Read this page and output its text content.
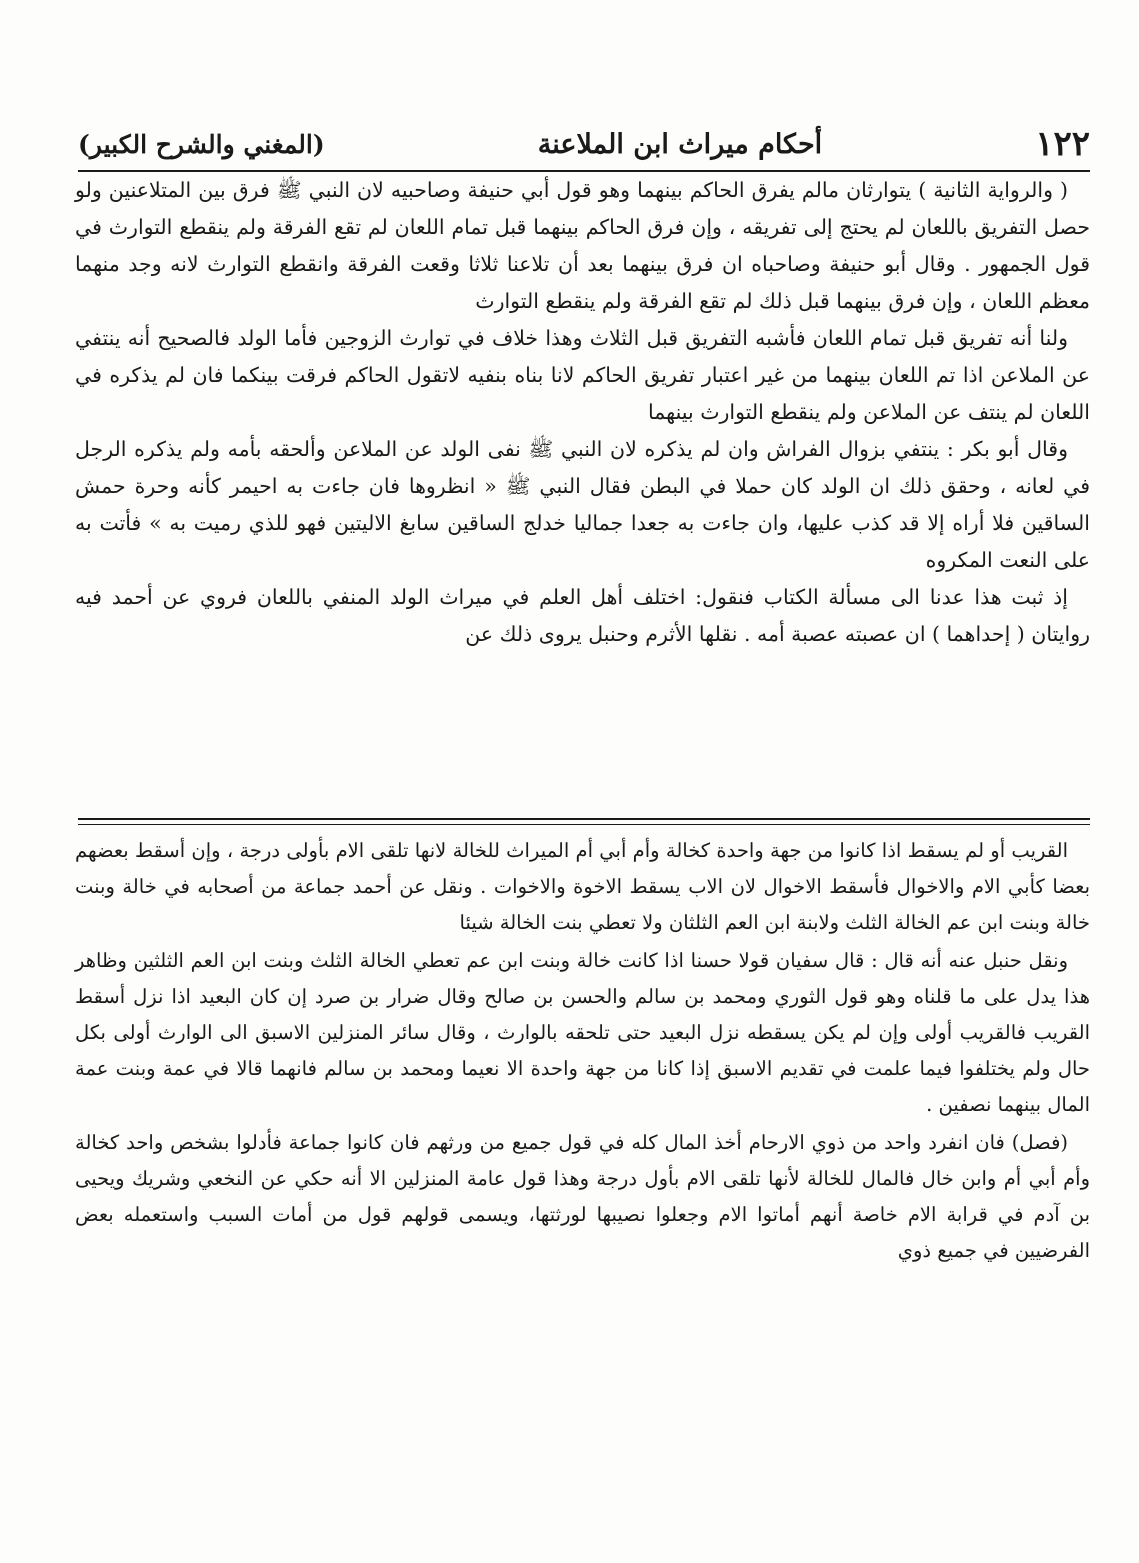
١٢٢
أحكام ميراث ابن الملاعنة
(المغني والشرح الكبير)

( والرواية الثانية ) يتوارثان مالم يفرق الحاكم بينهما وهو قول أبي حنيفة وصاحبيه لان النبي ﷺ فرق بين المتلاعنين ولو حصل التفريق باللعان لم يحتج إلى تفريقه ، وإن فرق الحاكم بينهما قبل تمام اللعان لم تقع الفرقة ولم ينقطع التوارث في قول الجمهور . وقال أبو حنيفة وصاحباه ان فرق بينهما بعد أن تلاعنا ثلاثا وقعت الفرقة وانقطع التوارث لانه وجد منهما معظم اللعان ، وإن فرق بينهما قبل ذلك لم تقع الفرقة ولم ينقطع التوارث

ولنا أنه تفريق قبل تمام اللعان فأشبه التفريق قبل الثلاث وهذا خلاف في توارث الزوجين فأما الولد فالصحيح أنه ينتفي عن الملاعن اذا تم اللعان بينهما من غير اعتبار تفريق الحاكم لانا بناه بنفيه لاتقول الحاكم فرقت بينكما فان لم يذكره في اللعان لم ينتف عن الملاعن ولم ينقطع التوارث بينهما

وقال أبو بكر : ينتفي بزوال الفراش وان لم يذكره لان النبي ﷺ نفى الولد عن الملاعن وألحقه بأمه ولم يذكره الرجل في لعانه ، وحقق ذلك ان الولد كان حملا في البطن فقال النبي ﷺ « انظروها فان جاءت به احيمر كأنه وحرة حمش الساقين فلا أراه إلا قد كذب عليها، وان جاءت به جعدا جماليا خدلج الساقين سابغ الاليتين فهو للذي رميت به » فأتت به على النعت المكروه

إذ ثبت هذا عدنا الى مسألة الكتاب فنقول: اختلف أهل العلم في ميراث الولد المنفي باللعان فروي عن أحمد فيه روايتان ( إحداهما ) ان عصبته عصبة أمه . نقلها الأثرم وحنبل يروى ذلك عن

القريب أو لم يسقط اذا كانوا من جهة واحدة كخالة وأم أبي أم الميراث للخالة لانها تلقى الام بأولى درجة ، وإن أسقط بعضهم بعضا كأبي الام والاخوال فأسقط الاخوال لان الاب يسقط الاخوة والاخوات . ونقل عن أحمد جماعة من أصحابه في خالة وبنت خالة وبنت ابن عم الخالة الثلث ولابنة ابن العم الثلثان ولا تعطي بنت الخالة شيئا

ونقل حنبل عنه أنه قال : قال سفيان قولا حسنا اذا كانت خالة وبنت ابن عم تعطي الخالة الثلث وبنت ابن العم الثلثين وظاهر هذا يدل على ما قلناه وهو قول الثوري ومحمد بن سالم والحسن بن صالح وقال ضرار بن صرد إن كان البعيد اذا نزل أسقط القريب فالقريب أولى وإن لم يكن يسقطه نزل البعيد حتى تلحقه بالوارث ، وقال سائر المنزلين الاسبق الى الوارث أولى بكل حال ولم يختلفوا فيما علمت في تقديم الاسبق إذا كانا من جهة واحدة الا نعيما ومحمد بن سالم فانهما قالا في عمة وبنت عمة المال بينهما نصفين .

(فصل) فان انفرد واحد من ذوي الارحام أخذ المال كله في قول جميع من ورثهم فان كانوا جماعة فأدلوا بشخص واحد كخالة وأم أبي أم وابن خال فالمال للخالة لأنها تلقى الام بأول درجة وهذا قول عامة المنزلين الا أنه حكي عن النخعي وشريك ويحيى بن آدم في قرابة الام خاصة أنهم أماتوا الام وجعلوا نصيبها لورثتها، ويسمى قولهم قول من أمات السبب واستعمله بعض الفرضيين في جميع ذوي
